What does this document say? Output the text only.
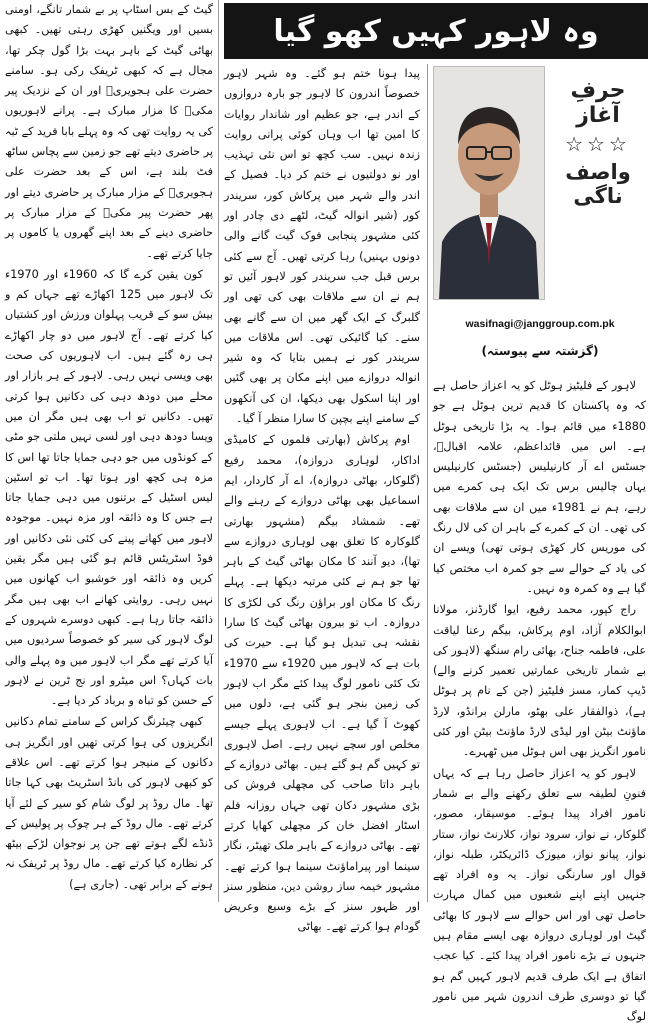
وہ لاہور کہیں کھو گیا
حرفِ آغاز
☆☆☆
واصف ناگی
wasifnagi@janggroup.com.pk
(گزشتہ سے پیوستہ)

لاہور کے فلیٹیز ہوٹل کو یہ اعزاز حاصل ہے کہ وہ پاکستان کا قدیم ترین ہوٹل ہے جو 1880ء میں قائم ہوا۔ یہ بڑا تاریخی ہوٹل ہے۔ اس میں قائداعظم، علامہ اقبالؒ، جسٹس اے آر کارنیلیس (جسٹس کارنیلیس یہاں چالیس برس تک ایک ہی کمرے میں رہے، ہم نے 1981ء میں ان سے ملاقات بھی کی تھی۔ ان کے کمرے کے باہر ان کی لال رنگ کی موریس کار کھڑی ہوتی تھی) ویسے ان کی یاد کے حوالے سے جو کمرہ اب مختص کیا گیا ہے وہ کمرہ وہ نہیں۔

راج کپور، محمد رفیع، ایوا گارڈنز، مولانا ابوالکلام آزاد، اوم پرکاش، بیگم رعنا لیاقت علی، فاطمہ جناح، بھائی رام سنگھ (لاہور کی بے شمار تاریخی عمارتیں تعمیر کرنے والے) ڈیپ کمار، مسز فلیٹیز (جن کے نام پر ہوٹل ہے)، ذوالفقار علی بھٹو، مارلن برانڈو، لارڈ ماؤنٹ بیٹن اور لیڈی لارڈ ماؤنٹ بیٹن اور کئی نامور انگریز بھی اس ہوٹل میں ٹھہرے۔

لاہور کو یہ اعزاز حاصل رہا ہے کہ یہاں فنونِ لطیفہ سے تعلق رکھنے والے بے شمار نامور افراد پیدا ہوئے۔ موسیقار، مصور، گلوکار، نے نواز، سرود نواز، کلارنٹ نواز، ستار نواز، پیانو نواز، میوزک ڈائریکٹر، طبلہ نواز، قوال اور سارنگی نواز۔ یہ وہ افراد تھے جنہیں اپنے اپنے شعبوں میں کمال مہارت حاصل تھی اور اس حوالے سے لاہور کا بھاٹی گیٹ اور لوہاری دروازہ بھی ایسے مقام ہیں جنہوں نے بڑے نامور افراد پیدا کئے۔ کیا عجب اتفاق ہے ایک طرف قدیم لاہور کہیں گم ہو گیا تو دوسری طرف اندرون شہر میں نامور لوگ

پیدا ہونا ختم ہو گئے۔ وہ شہر لاہور خصوصاً اندرون کا لاہور جو بارہ دروازوں کے اندر ہے، جو عظیم اور شاندار روایات کا امین تھا اب وہاں کوئی پرانی روایت زندہ نہیں۔ سب کچھ تو اس نئی تہذیب اور نو دولتیوں نے ختم کر دیا۔ فصیل کے اندر والے شہر میں پرکاش کور، سریندر کور (شیر انوالہ گیٹ، لٹھے دی چادر اور کئی مشہور پنجابی فوک گیت گانے والی دونوں بہنیں) رہا کرتی تھیں۔ آج سے کئی برس قبل جب سریندر کور لاہور آئیں تو ہم نے ان سے ملاقات بھی کی تھی اور گلبرگ کے ایک گھر میں ان سے گانے بھی سنے۔ کیا گائیکی تھی۔ اس ملاقات میں سریندر کور نے ہمیں بتایا کہ وہ شیر انوالہ دروازے میں اپنے مکان پر بھی گئیں اور اپنا اسکول بھی دیکھا، ان کی آنکھوں کے سامنے اپنے بچپن کا سارا منظر آ گیا۔

اوم پرکاش (بھارتی فلموں کے کامیڈی اداکار، لوہاری دروازہ)، محمد رفیع (گلوکار، بھاٹی دروازہ)، اے آر کاردار، ایم اسماعیل بھی بھاٹی دروازے کے رہنے والے تھے۔ شمشاد بیگم (مشہور بھارتی گلوکارہ کا تعلق بھی لوہاری دروازے سے تھا)، دیو آنند کا مکان بھاٹی گیٹ کے باہر تھا جو ہم نے کئی مرتبہ دیکھا ہے۔ پہلے رنگ کا مکان اور براؤن رنگ کی لکڑی کا دروازہ۔ اب تو بیرون بھاٹی گیٹ کا سارا نقشہ ہی تبدیل ہو گیا ہے۔ حیرت کی بات ہے کہ لاہور میں 1920ء سے 1970ء تک کئی نامور لوگ پیدا کئے مگر اب لاہور کی زمین بنجر ہو گئی ہے، دلوں میں کھوٹ آ گیا ہے۔ اب لاہوری پہلے جیسے مخلص اور سچے نہیں رہے۔ اصل لاہوری تو کہیں گم ہو گئے ہیں۔ بھاٹی دروازے کے باہر داتا صاحب کی مچھلی فروش کی بڑی مشہور دکان تھی جہاں روزانہ فلم اسٹار افضل خان کر مچھلی کھایا کرتے تھے۔ بھاٹی دروازے کے باہر ملک تھیٹر، نگار سینما اور پیراماؤنٹ سینما ہوا کرتے تھے۔ مشہور خیمہ ساز روشن دین، منظور سنز اور ظہور سنز کے بڑے وسیع وعریض گودام ہوا کرتے تھے۔ بھاٹی

گیٹ کے بس اسٹاپ پر بے شمار تانگے، اومنی بسیں اور ویگنیں کھڑی رہتی تھیں۔ کبھی بھاٹی گیٹ کے باہر بہت بڑا گول چکر تھا، مجال ہے کہ کبھی ٹریفک رکی ہو۔ سامنے حضرت علی ہجویریؒ اور ان کے نزدیک پیر مکیؒ کا مزار مبارک ہے۔ پرانے لاہوریوں کی یہ روایت تھی کہ وہ پہلے بابا فرید کے ٹبہ پر حاضری دیتے تھے جو زمین سے پچاس ساٹھ فٹ بلند ہے، اس کے بعد حضرت علی ہجویریؒ کے مزار مبارک پر حاضری دیتے اور پھر حضرت پیر مکیؒ کے مزار مبارک پر حاضری دینے کے بعد اپنے گھروں یا کاموں پر جایا کرتے تھے۔

کون یقین کرے گا کہ 1960ء اور 1970ء تک لاہور میں 125 اکھاڑے تھے جہاں کم و بیش سو کے قریب پہلوان ورزش اور کشتیاں کیا کرتے تھے۔ آج لاہور میں دو چار اکھاڑے ہی رہ گئے ہیں۔ اب لاہوریوں کی صحت بھی ویسی نہیں رہی۔ لاہور کے ہر بازار اور محلے میں دودھ دہی کی دکانیں ہوا کرتی تھیں۔ دکانیں تو اب بھی ہیں مگر ان میں ویسا دودھ دہی اور لسی نہیں ملتی جو مٹی کے کونڈوں میں جو دہی جمایا جاتا تھا اس کا مزہ ہی کچھ اور ہوتا تھا۔ اب تو اسٹین لیس اسٹیل کے برتنوں میں دہی جمایا جاتا ہے جس کا وہ ذائقہ اور مزہ نہیں۔ موجودہ لاہور میں کھانے پینے کی کئی نئی دکانیں اور فوڈ اسٹریٹس قائم ہو گئی ہیں مگر یقین کریں وہ ذائقہ اور خوشبو اب کھانوں میں نہیں رہی۔ روایتی کھانے اب بھی ہیں مگر ذائقہ جاتا رہا ہے۔ کبھی دوسرے شہروں کے لوگ لاہور کی سیر کو خصوصاً سردیوں میں آیا کرتے تھے مگر اب لاہور میں وہ پہلے والی بات کہاں؟ اس میٹرو اور نج ٹرین نے لاہور کے حسن کو تباہ و برباد کر دیا ہے۔

کبھی چیئرنگ کراس کے سامنے تمام دکانیں انگریزوں کی ہوا کرتی تھیں اور انگریز ہی دکانوں کے منیجر ہوا کرتے تھے۔ اس علاقے کو کبھی لاہور کی بانڈ اسٹریٹ بھی کہا جاتا تھا۔ مال روڈ پر لوگ شام کو سیر کے لئے آیا کرتے تھے۔ مال روڈ کے ہر چوک پر پولیس کے ڈنڈے لگے ہوتے تھے جن پر نوجوان لڑکے بیٹھ کر نظارہ کیا کرتے تھے۔ مال روڈ پر ٹریفک نہ ہونے کے برابر تھی۔ (جاری ہے)
